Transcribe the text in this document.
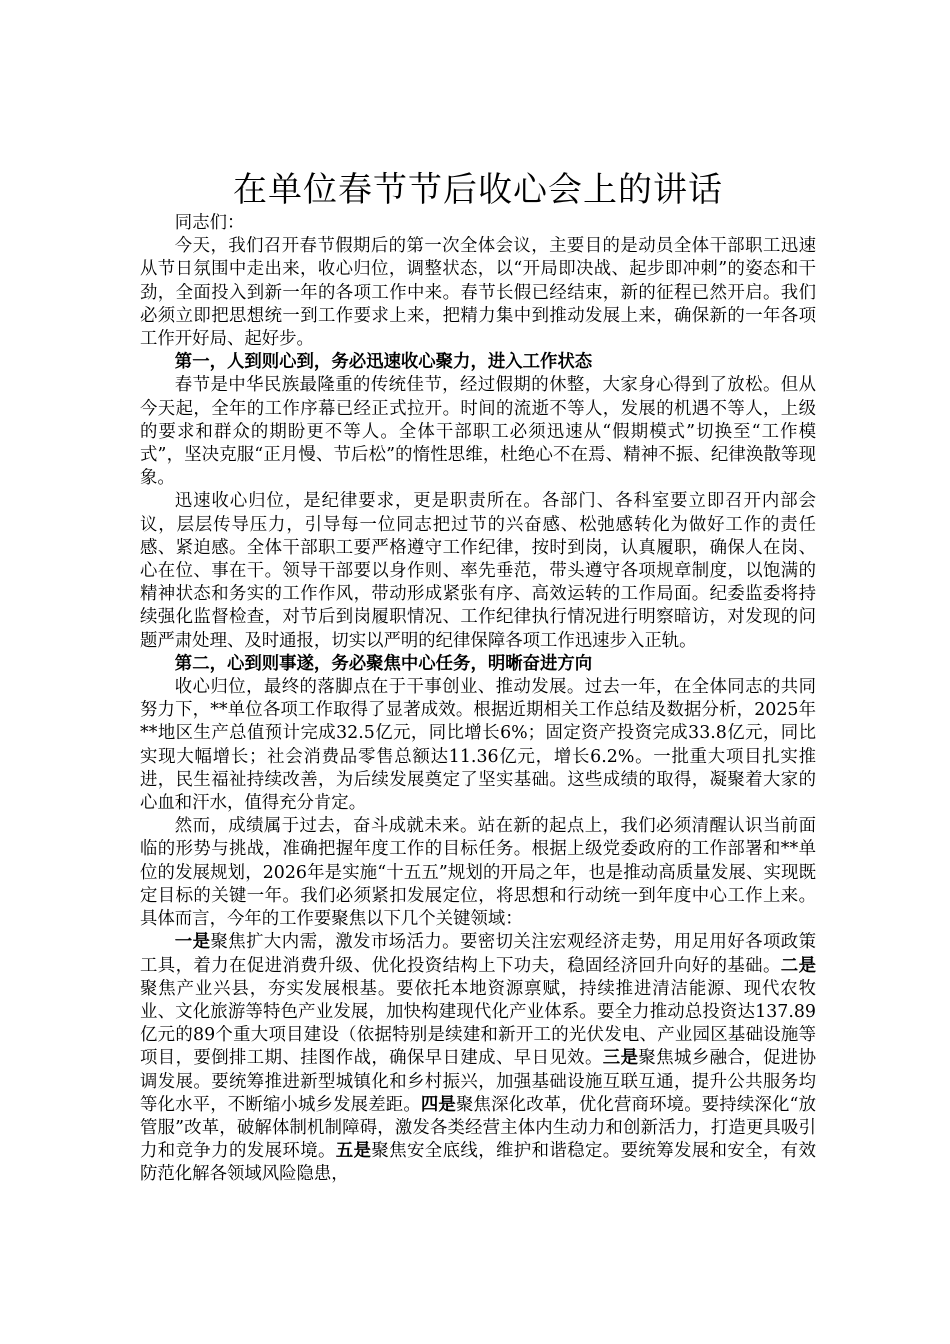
在单位春节节后收心会上的讲话

同志们：

今天，我们召开春节假期后的第一次全体会议，主要目的是动员全体干部职工迅速从节日氛围中走出来，收心归位，调整状态，以“开局即决战、起步即冲刺”的姿态和干劲，全面投入到新一年的各项工作中来。春节长假已经结束，新的征程已然开启。我们必须立即把思想统一到工作要求上来，把精力集中到推动发展上来，确保新的一年各项工作开好局、起好步。

第一，人到则心到，务必迅速收心聚力，进入工作状态

春节是中华民族最隆重的传统佳节，经过假期的休整，大家身心得到了放松。但从今天起，全年的工作序幕已经正式拉开。时间的流逝不等人，发展的机遇不等人，上级的要求和群众的期盼更不等人。全体干部职工必须迅速从“假期模式”切换至“工作模式”，坚决克服“正月慢、节后松”的惰性思维，杜绝心不在焉、精神不振、纪律涣散等现象。

迅速收心归位，是纪律要求，更是职责所在。各部门、各科室要立即召开内部会议，层层传导压力，引导每一位同志把过节的兴奋感、松弛感转化为做好工作的责任感、紧迫感。全体干部职工要严格遵守工作纪律，按时到岗，认真履职，确保人在岗、心在位、事在干。领导干部要以身作则、率先垂范，带头遵守各项规章制度，以饱满的精神状态和务实的工作作风，带动形成紧张有序、高效运转的工作局面。纪委监委将持续强化监督检查，对节后到岗履职情况、工作纪律执行情况进行明察暗访，对发现的问题严肃处理、及时通报，切实以严明的纪律保障各项工作迅速步入正轨。

第二，心到则事遂，务必聚焦中心任务，明晰奋进方向

收心归位，最终的落脚点在于干事创业、推动发展。过去一年，在全体同志的共同努力下，**单位各项工作取得了显著成效。根据近期相关工作总结及数据分析，2025年**地区生产总值预计完成32.5亿元，同比增长6%；固定资产投资完成33.8亿元，同比实现大幅增长；社会消费品零售总额达11.36亿元，增长6.2%。一批重大项目扎实推进，民生福祉持续改善，为后续发展奠定了坚实基础。这些成绩的取得，凝聚着大家的心血和汗水，值得充分肯定。

然而，成绩属于过去，奋斗成就未来。站在新的起点上，我们必须清醒认识当前面临的形势与挑战，准确把握年度工作的目标任务。根据上级党委政府的工作部署和**单位的发展规划，2026年是实施“十五五”规划的开局之年，也是推动高质量发展、实现既定目标的关键一年。我们必须紧扣发展定位，将思想和行动统一到年度中心工作上来。具体而言，今年的工作要聚焦以下几个关键领域：

一是聚焦扩大内需，激发市场活力。要密切关注宏观经济走势，用足用好各项政策工具，着力在促进消费升级、优化投资结构上下功夫，稳固经济回升向好的基础。二是聚焦产业兴县，夯实发展根基。要依托本地资源禀赋，持续推进清洁能源、现代农牧业、文化旅游等特色产业发展，加快构建现代化产业体系。要全力推动总投资达137.89亿元的89个重大项目建设（依据特别是续建和新开工的光伏发电、产业园区基础设施等项目，要倒排工期、挂图作战，确保早日建成、早日见效。三是聚焦城乡融合，促进协调发展。要统筹推进新型城镇化和乡村振兴，加强基础设施互联互通，提升公共服务均等化水平，不断缩小城乡发展差距。四是聚焦深化改革，优化营商环境。要持续深化“放管服”改革，破解体制机制障碍，激发各类经营主体内生动力和创新活力，打造更具吸引力和竞争力的发展环境。五是聚焦安全底线，维护和谐稳定。要统筹发展和安全，有效防范化解各领域风险隐患，
